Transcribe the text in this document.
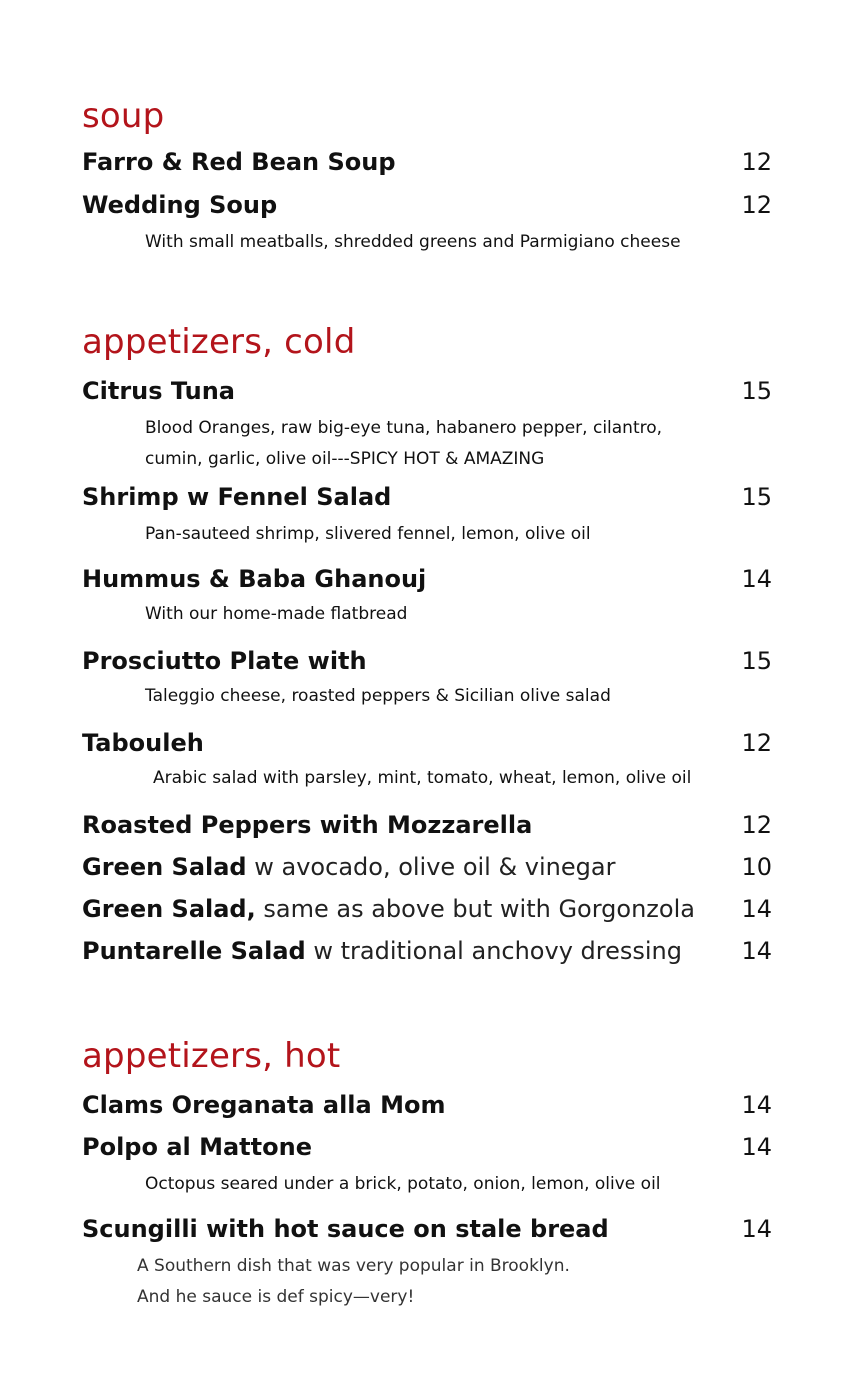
soup
Farro & Red Bean Soup	12
Wedding Soup	12
With small meatballs, shredded greens and Parmigiano cheese
appetizers, cold
Citrus Tuna	15
Blood Oranges, raw big-eye tuna, habanero pepper, cilantro,
cumin, garlic, olive oil---SPICY HOT & AMAZING
Shrimp w Fennel Salad	15
Pan-sauteed shrimp, slivered fennel, lemon, olive oil
Hummus & Baba Ghanouj	14
With our home-made flatbread
Prosciutto Plate with	15
Taleggio cheese, roasted peppers & Sicilian olive salad
Tabouleh	12
Arabic salad with parsley, mint, tomato, wheat, lemon, olive oil
Roasted Peppers with Mozzarella	12
Green Salad w avocado, olive oil & vinegar	10
Green Salad, same as above but with Gorgonzola 14
Puntarelle Salad w traditional anchovy dressing 14
appetizers, hot
Clams Oreganata alla Mom	14
Polpo al Mattone	14
Octopus seared under a brick, potato, onion, lemon, olive oil
Scungilli with hot sauce on stale bread	14
A Southern dish that was very popular in Brooklyn.
And he sauce is def spicy—very!
